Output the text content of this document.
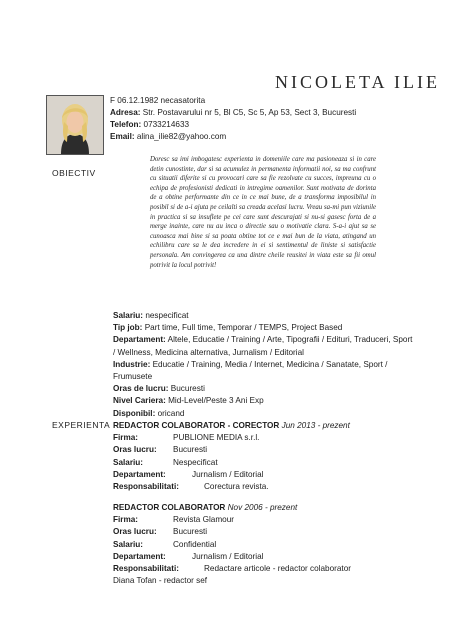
NICOLETA ILIE
F 06.12.1982 necasatorita
Adresa: Str. Postavarului nr 5, Bl C5, Sc 5, Ap 53, Sect 3, Bucuresti
Telefon: 0733214633
Email: alina_ilie82@yahoo.com
OBIECTIV
Doresc sa imi imbogatesc experienta in domeniile care ma pasioneaza si in care detin cunostinte, dar si sa acumulez in permanenta informatii noi, sa ma confrunt cu situatii diferite si cu provocari care sa fie rezolvate cu succes, impreuna cu o echipa de profesionisti dedicati in intregime oamenilor. Sunt motivata de dorinta de a obtine performante din ce in ce mai bune, de a transforma imposibilul in posibil si de a-i ajuta pe ceilalti sa creada acelasi lucru. Vreau sa-mi pun viziunile in practica si sa insuflete pe cei care sunt descurajati si nu-si gasesc forta de a merge inainte, care nu au inca o directie sau o motivatie clara. S-a-i ajut sa se cunoasca mai bine si sa poata obtine tot ce e mai bun de la viata, atingand un echilibru care sa le dea incredere in ei si sentimentul de liniste si satisfactie personala. Am convingerea ca una dintre cheile reusitei in viata este sa fii omul potrivit la locul potrivit!
Salariu: nespecificat
Tip job: Part time, Full time, Temporar / TEMPS, Project Based
Departament: Altele, Educatie / Training / Arte, Tipografii / Edituri, Traduceri, Sport / Wellness, Medicina alternativa, Jurnalism / Editorial
Industrie: Educatie / Training, Media / Internet, Medicina / Sanatate, Sport / Frumusete
Oras de lucru: Bucuresti
Nivel Cariera: Mid-Level/Peste 3 Ani Exp
Disponibil: oricand
EXPERIENTA REDACTOR COLABORATOR - CORECTOR Jun 2013 - prezent
Firma:	PUBLIONE MEDIA s.r.l.
Oras lucru: Bucuresti
Salariu:	Nespecificat
Departament:	Jurnalism / Editorial
Responsabilitati:	Corectura revista.
REDACTOR COLABORATOR Nov 2006 - prezent
Firma:	Revista Glamour
Oras lucru: Bucuresti
Salariu:	Confidential
Departament:	Jurnalism / Editorial
Responsabilitati:	Redactare articole - redactor colaborator
Diana Tofan - redactor sef
